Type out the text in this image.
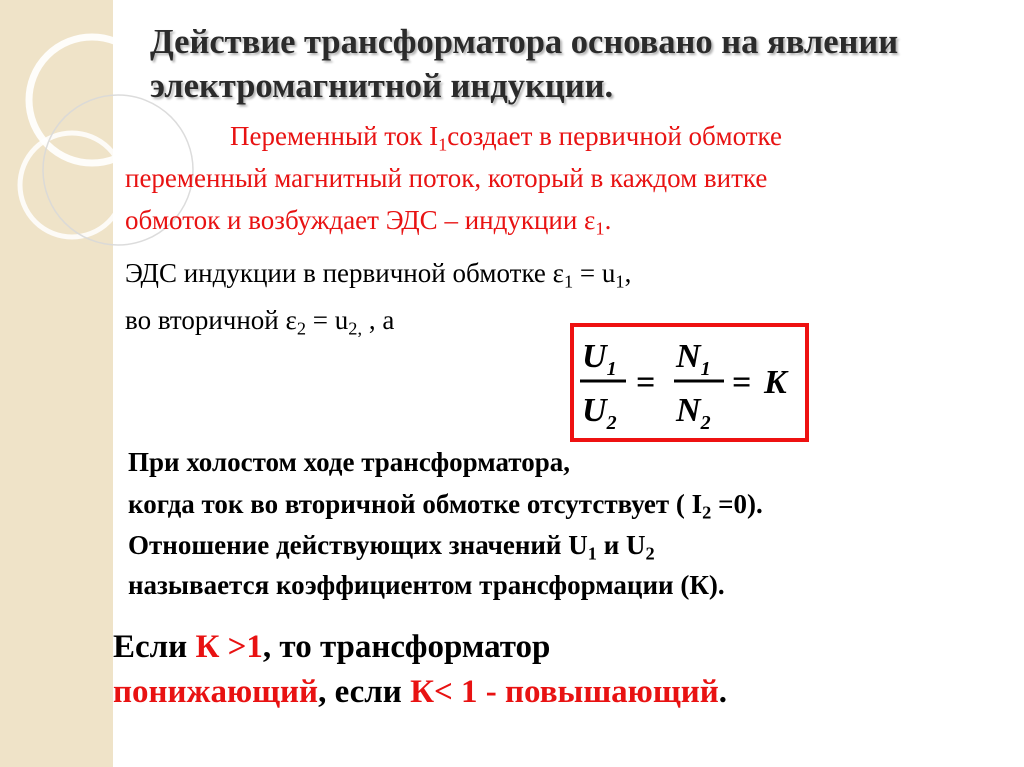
Действие трансформатора основано на явлении электромагнитной индукции.

Переменный ток $I_1создает$ в первичной обмотке

переменный магнитный поток, который в каждом витке

обмоток и возбуждает ЭДС – индукции $\varepsilon_1$.

ЭДС индукции в первичной обмотке $\varepsilon_1 = u_1$,

во вторичной $\varepsilon_2 = u_{2,}$ , а

$U_1$
$U_2$
=
$N_1$
$N_2$
= K

При холостом ходе трансформатора,

когда ток во вторичной обмотке отсутствует ( $I_2 =0$).

Отношение действующих значений $U_1$ и $U_2$

называется коэффициентом трансформации (К).

Если К >1, то трансформатор

понижающий, если К< 1 - повышающий.
